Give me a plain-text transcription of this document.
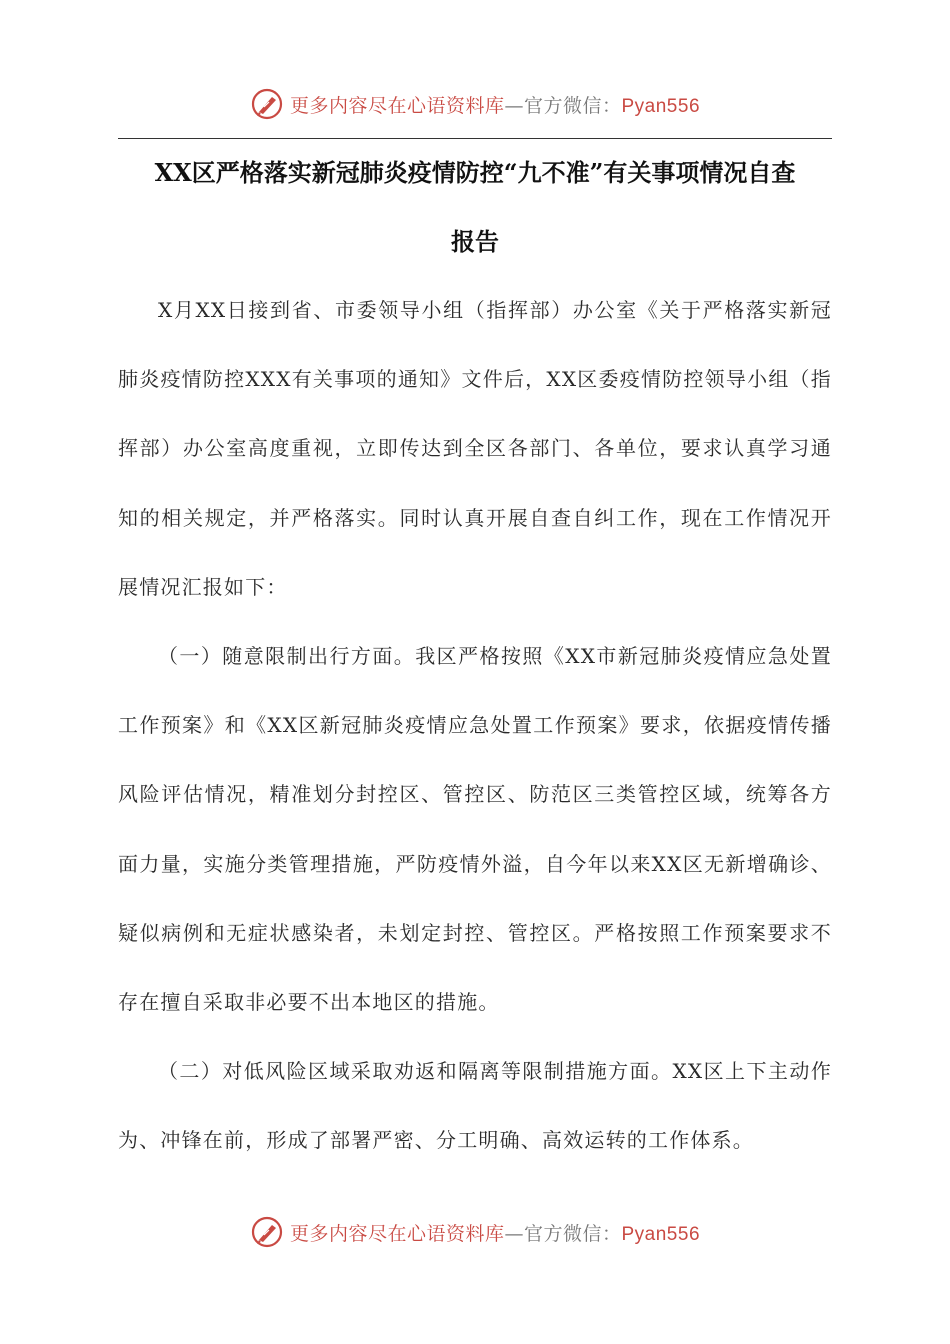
更多内容尽在心语资料库—官方微信：Pyan556
XX区严格落实新冠肺炎疫情防控“九不准”有关事项情况自查
报告

X月XX日接到省、市委领导小组（指挥部）办公室《关于严格落实新冠肺炎疫情防控XXX有关事项的通知》文件后，XX区委疫情防控领导小组（指挥部）办公室高度重视，立即传达到全区各部门、各单位，要求认真学习通知的相关规定，并严格落实。同时认真开展自查自纠工作，现在工作情况开展情况汇报如下：

（一）随意限制出行方面。我区严格按照《XX市新冠肺炎疫情应急处置工作预案》和《XX区新冠肺炎疫情应急处置工作预案》要求，依据疫情传播风险评估情况，精准划分封控区、管控区、防范区三类管控区域，统筹各方面力量，实施分类管理措施，严防疫情外溢，自今年以来XX区无新增确诊、疑似病例和无症状感染者，未划定封控、管控区。严格按照工作预案要求不存在擅自采取非必要不出本地区的措施。

（二）对低风险区域采取劝返和隔离等限制措施方面。XX区上下主动作为、冲锋在前，形成了部署严密、分工明确、高效运转的工作体系。

更多内容尽在心语资料库—官方微信：Pyan556
